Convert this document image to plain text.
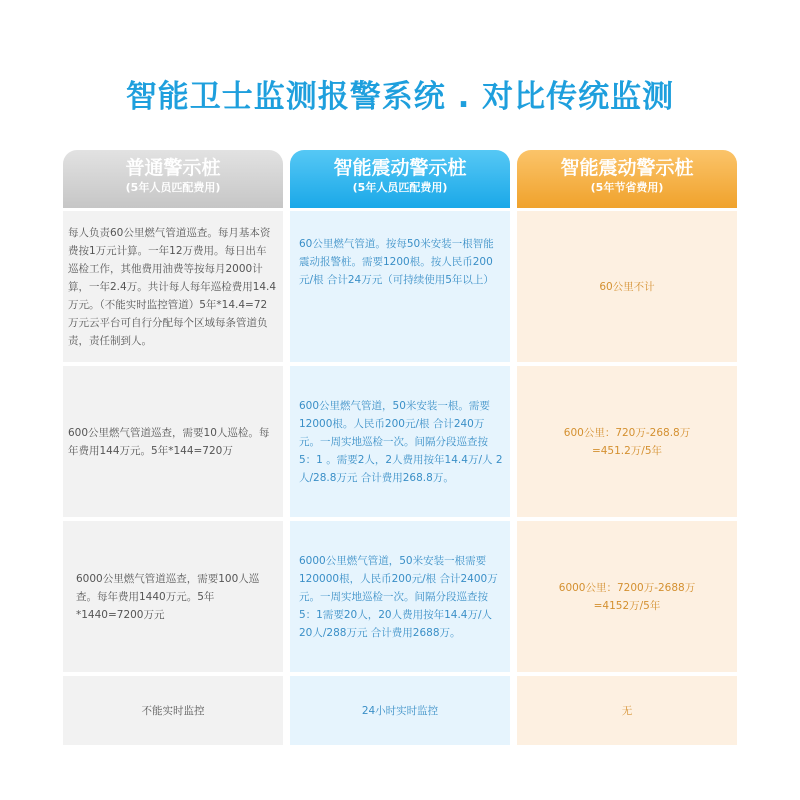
智能卫士监测报警系统 . 对比传统监测
普通警示桩
(5年人员匹配费用)
每人负责60公里燃气管道巡查。每月基本资费按1万元计算。一年12万费用。每日出车巡检工作，其他费用油费等按每月2000计算，一年2.4万。共计每人每年巡检费用14.4万元。（不能实时监控管道）5年*14.4=72万元云平台可自行分配每个区域每条管道负责，责任制到人。
600公里燃气管道巡查，需要10人巡检。每年费用144万元。5年*144=720万
6000公里燃气管道巡查，需要100人巡查。每年费用1440万元。5年*1440=7200万元
不能实时监控
智能震动警示桩
(5年人员匹配费用)
60公里燃气管道。按每50米安装一根智能震动报警桩。需要1200根。按人民币200元/根 合计24万元（可持续使用5年以上）
600公里燃气管道，50米安装一根。需要12000根。人民币200元/根 合计240万元。一周实地巡检一次。间隔分段巡查按5：1 。需要2人，2人费用按年14.4万/人 2人/28.8万元 合计费用268.8万。
6000公里燃气管道，50米安装一根需要120000根，人民币200元/根 合计2400万元。一周实地巡检一次。间隔分段巡查按5：1需要20人，20人费用按年14.4万/人 20人/288万元 合计费用2688万。
24小时实时监控
智能震动警示桩
(5年节省费用)
60公里不计
600公里：720万-268.8万=451.2万/5年
6000公里：7200万-2688万=4152万/5年
无
